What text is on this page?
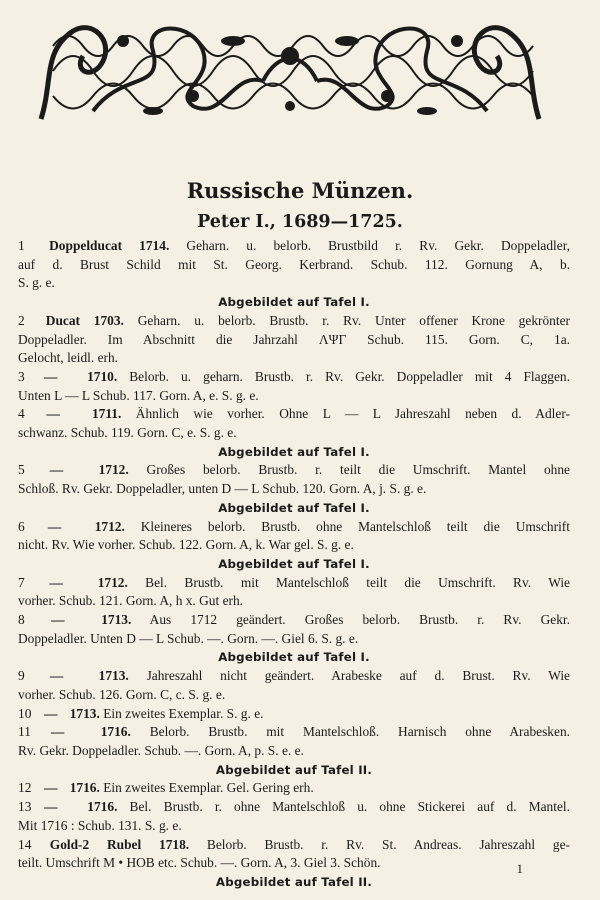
Russische Münzen.
Peter I., 1689—1725.
1 Doppelducat 1714. Geharn. u. belorb. Brustbild r. Rv. Gekr. Doppeladler,
auf d. Brust Schild mit St. Georg. Kerbrand. Schub. 112. Gornung A, b.
S. g. e.
Abgebildet auf Tafel I.
2 Ducat 1703. Geharn. u. belorb. Brustb. r. Rv. Unter offener Krone gekrönter
Doppeladler. Im Abschnitt die Jahrzahl ΛΨΓ Schub. 115. Gorn. C, 1a.
Gelocht, leidl. erh.
3 — 1710. Belorb. u. geharn. Brustb. r. Rv. Gekr. Doppeladler mit 4 Flaggen.
Unten L — L Schub. 117. Gorn. A, e. S. g. e.
4 — 1711. Ähnlich wie vorher. Ohne L — L Jahreszahl neben d. Adler-
schwanz. Schub. 119. Gorn. C, e. S. g. e.
Abgebildet auf Tafel I.
5 —	1712. Großes belorb. Brustb. r. teilt die Umschrift. Mantel ohne
Schloß. Rv. Gekr. Doppeladler, unten D — L Schub. 120. Gorn. A, j. S. g. e.
Abgebildet auf Tafel I.
6 — 1712. Kleineres belorb. Brustb. ohne Mantelschloß teilt die Umschrift
nicht. Rv. Wie vorher. Schub. 122. Gorn. A, k. War gel. S. g. e.
Abgebildet auf Tafel I.
7 —	1712. Bel. Brustb. mit Mantelschloß teilt die Umschrift. Rv. Wie
vorher. Schub. 121. Gorn. A, h x. Gut erh.
8 —	1713. Aus 1712 geändert. Großes belorb. Brustb. r. Rv. Gekr.
Doppeladler. Unten D — L Schub. —. Gorn. —. Giel 6. S. g. e.
Abgebildet auf Tafel I.
9 —	1713. Jahreszahl nicht geändert. Arabeske auf d. Brust. Rv. Wie
vorher. Schub. 126. Gorn. C, c. S. g. e.
10 — 1713. Ein zweites Exemplar. S. g. e.
11 —	1716. Belorb. Brustb. mit Mantelschloß. Harnisch ohne Arabesken.
Rv. Gekr. Doppeladler. Schub. —. Gorn. A, p. S. e. e.
Abgebildet auf Tafel II.
12 — 1716. Ein zweites Exemplar. Gel. Gering erh.
13 — 1716. Bel. Brustb. r. ohne Mantelschloß u. ohne Stickerei auf d. Mantel.
Mit 1716 : Schub. 131. S. g. e.
14 Gold-2 Rubel 1718. Belorb. Brustb. r. Rv. St. Andreas. Jahreszahl ge-
teilt. Umschrift M • HOB etc. Schub. —. Gorn. A, 3. Giel 3. Schön.
Abgebildet auf Tafel II.
1
